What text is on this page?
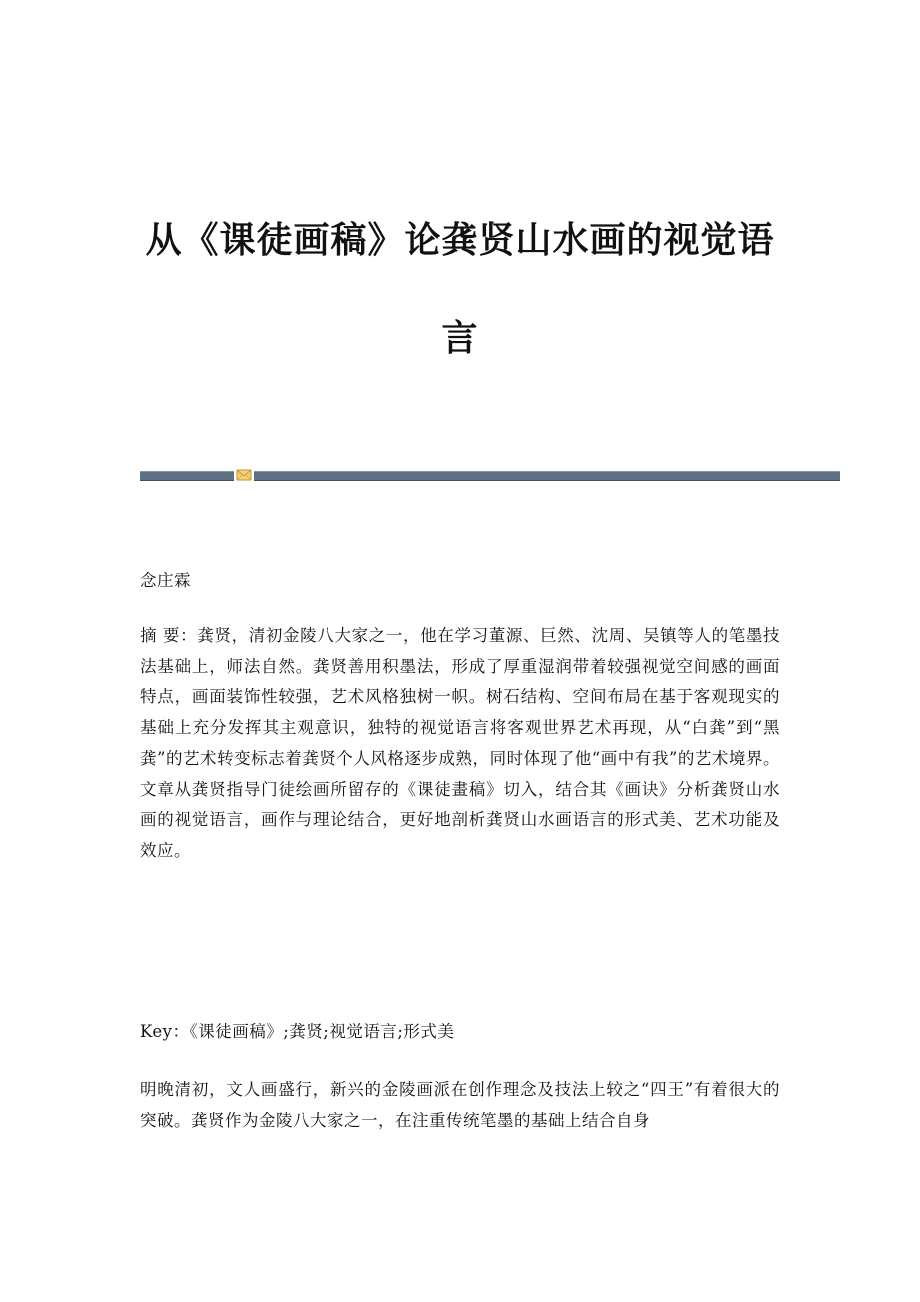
从《课徒画稿》论龚贤山水画的视觉语
言
念庄霖
摘 要：龚贤，清初金陵八大家之一，他在学习董源、巨然、沈周、吴镇等人的笔墨技法基础上，师法自然。龚贤善用积墨法，形成了厚重湿润带着较强视觉空间感的画面特点，画面装饰性较强，艺术风格独树一帜。树石结构、空间布局在基于客观现实的基础上充分发挥其主观意识，独特的视觉语言将客观世界艺术再现，从“白龚”到“黑龚”的艺术转变标志着龚贤个人风格逐步成熟，同时体现了他“画中有我”的艺术境界。文章从龚贤指导门徒绘画所留存的《课徒畫稿》切入，结合其《画诀》分析龚贤山水画的视觉语言，画作与理论结合，更好地剖析龚贤山水画语言的形式美、艺术功能及效应。
Key：《课徒画稿》;龚贤;视觉语言;形式美
明晚清初，文人画盛行，新兴的金陵画派在创作理念及技法上较之“四王”有着很大的突破。龚贤作为金陵八大家之一，在注重传统笔墨的基础上结合自身
